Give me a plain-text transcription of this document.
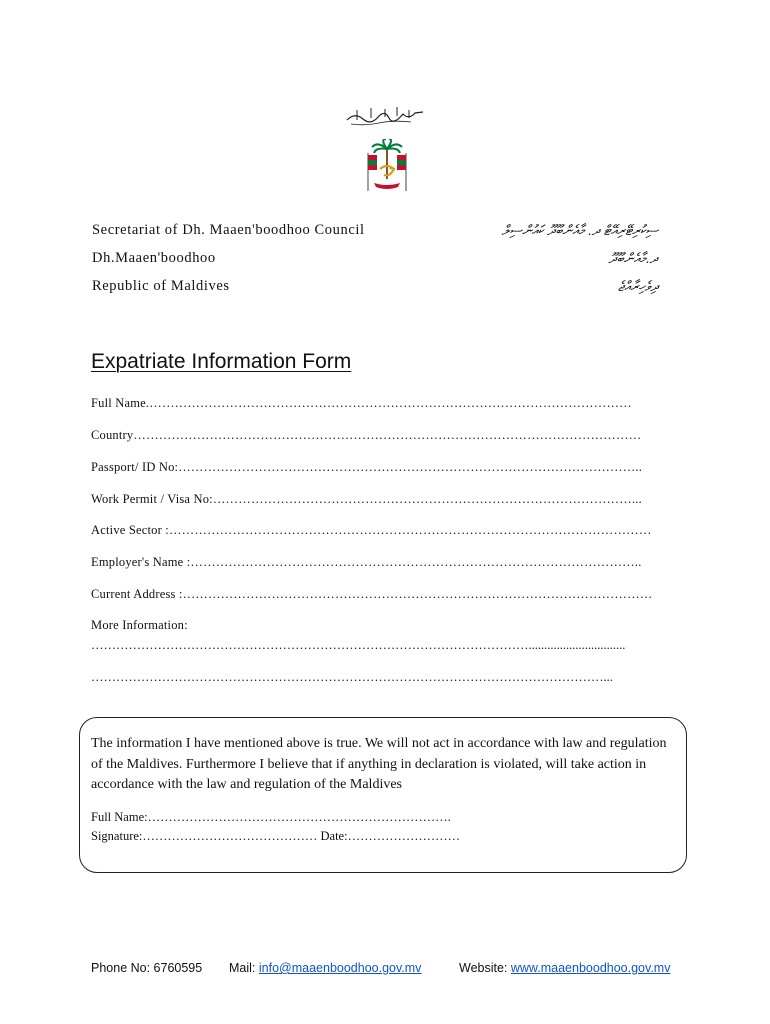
Secretariat of Dh. Maaen'boodhoo Council
Dh.Maaen'boodhoo
Republic of Maldives
ސިކުރިޓޭރިއޭޓް ދ. މާއެންބޫދޫ ކައުންސިލް
ދ.މާއެންބޫދޫ
ދިވެހިރާއްޖެ
Expatriate Information Form
Full Name.……………………………………………………………………………………………………
Country…………………………………………………………………………………………………………
Passport/ ID No:………………………………………………………………………………………………..
Work Permit / Visa No:………………………………………………………………………………………...
Active Sector :……………………………………………………………………………………………………
Employer's Name :……………………………………………………………………………………………..
Current Address :…………………………………………………………………………………………………
More Information:
……………………………………………………………………………………………...............................
……………………………………………………………………………………………………………...
The information I have mentioned above is true. We will not act in accordance with law and regulation of the Maldives. Furthermore I believe that if anything in declaration is violated, will take action in accordance with the law and regulation of the Maldives
Full Name:……………………………………………………………….
Signature:…………………………………… Date:………………………
Phone No: 6760595 Mail: info@maaenboodhoo.gov.mv	Website: www.maaenboodhoo.gov.mv
